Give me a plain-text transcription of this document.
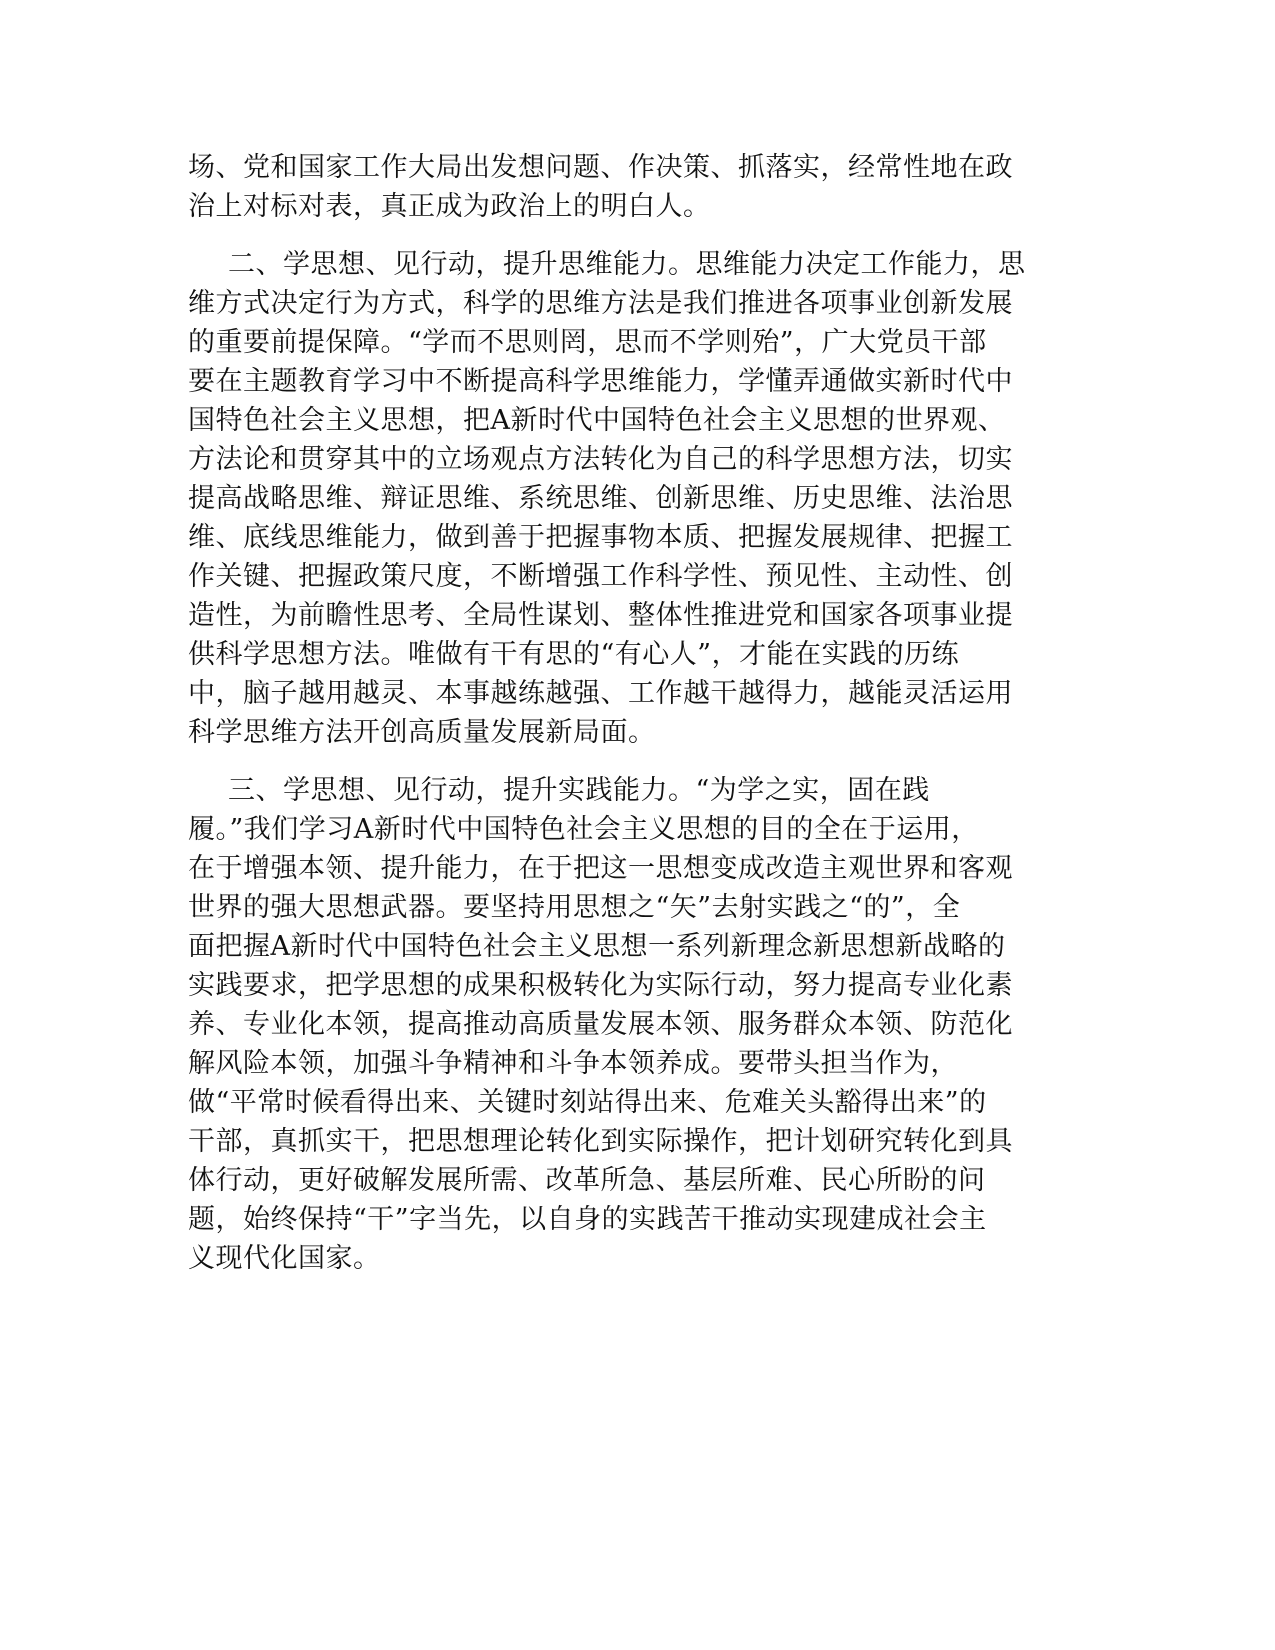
场、党和国家工作大局出发想问题、作决策、抓落实，经常性地在政
治上对标对表，真正成为政治上的明白人。
二、学思想、见行动，提升思维能力。思维能力决定工作能力，思
维方式决定行为方式，科学的思维方法是我们推进各项事业创新发展
的重要前提保障。“学而不思则罔，思而不学则殆”，广大党员干部
要在主题教育学习中不断提高科学思维能力，学懂弄通做实新时代中
国特色社会主义思想，把A新时代中国特色社会主义思想的世界观、
方法论和贯穿其中的立场观点方法转化为自己的科学思想方法，切实
提高战略思维、辩证思维、系统思维、创新思维、历史思维、法治思
维、底线思维能力，做到善于把握事物本质、把握发展规律、把握工
作关键、把握政策尺度，不断增强工作科学性、预见性、主动性、创
造性，为前瞻性思考、全局性谋划、整体性推进党和国家各项事业提
供科学思想方法。唯做有干有思的“有心人”，才能在实践的历练
中，脑子越用越灵、本事越练越强、工作越干越得力，越能灵活运用
科学思维方法开创高质量发展新局面。
三、学思想、见行动，提升实践能力。“为学之实，固在践
履。”我们学习A新时代中国特色社会主义思想的目的全在于运用，
在于增强本领、提升能力，在于把这一思想变成改造主观世界和客观
世界的强大思想武器。要坚持用思想之“矢”去射实践之“的”，全
面把握A新时代中国特色社会主义思想一系列新理念新思想新战略的
实践要求，把学思想的成果积极转化为实际行动，努力提高专业化素
养、专业化本领，提高推动高质量发展本领、服务群众本领、防范化
解风险本领，加强斗争精神和斗争本领养成。要带头担当作为，
做“平常时候看得出来、关键时刻站得出来、危难关头豁得出来”的
干部，真抓实干，把思想理论转化到实际操作，把计划研究转化到具
体行动，更好破解发展所需、改革所急、基层所难、民心所盼的问
题，始终保持“干”字当先，以自身的实践苦干推动实现建成社会主
义现代化国家。
